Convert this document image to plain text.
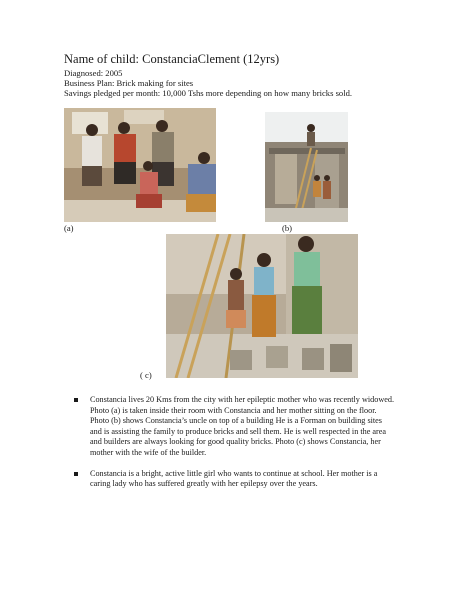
Name of child: ConstanciaClement (12yrs)
Diagnosed: 2005
Business Plan: Brick making for sites
Savings pledged per month: 10,000 Tshs more depending on how many bricks sold.
(a)	(b)
( c)
Constancia lives 20 Kms from the city with her epileptic mother who was recently widowed. Photo (a) is taken inside their room with Constancia and her mother sitting on the floor. Photo (b) shows Constancia’s uncle on top of a building He is a Forman on building sites and is assisting the family to produce bricks and sell them. He is well respected in the area and builders are always looking for good quality bricks. Photo (c) shows Constancia, her mother with the wife of the builder.
Constancia is a bright, active little girl who wants to continue at school. Her mother is a caring lady who has suffered greatly with her epilepsy over the years.
